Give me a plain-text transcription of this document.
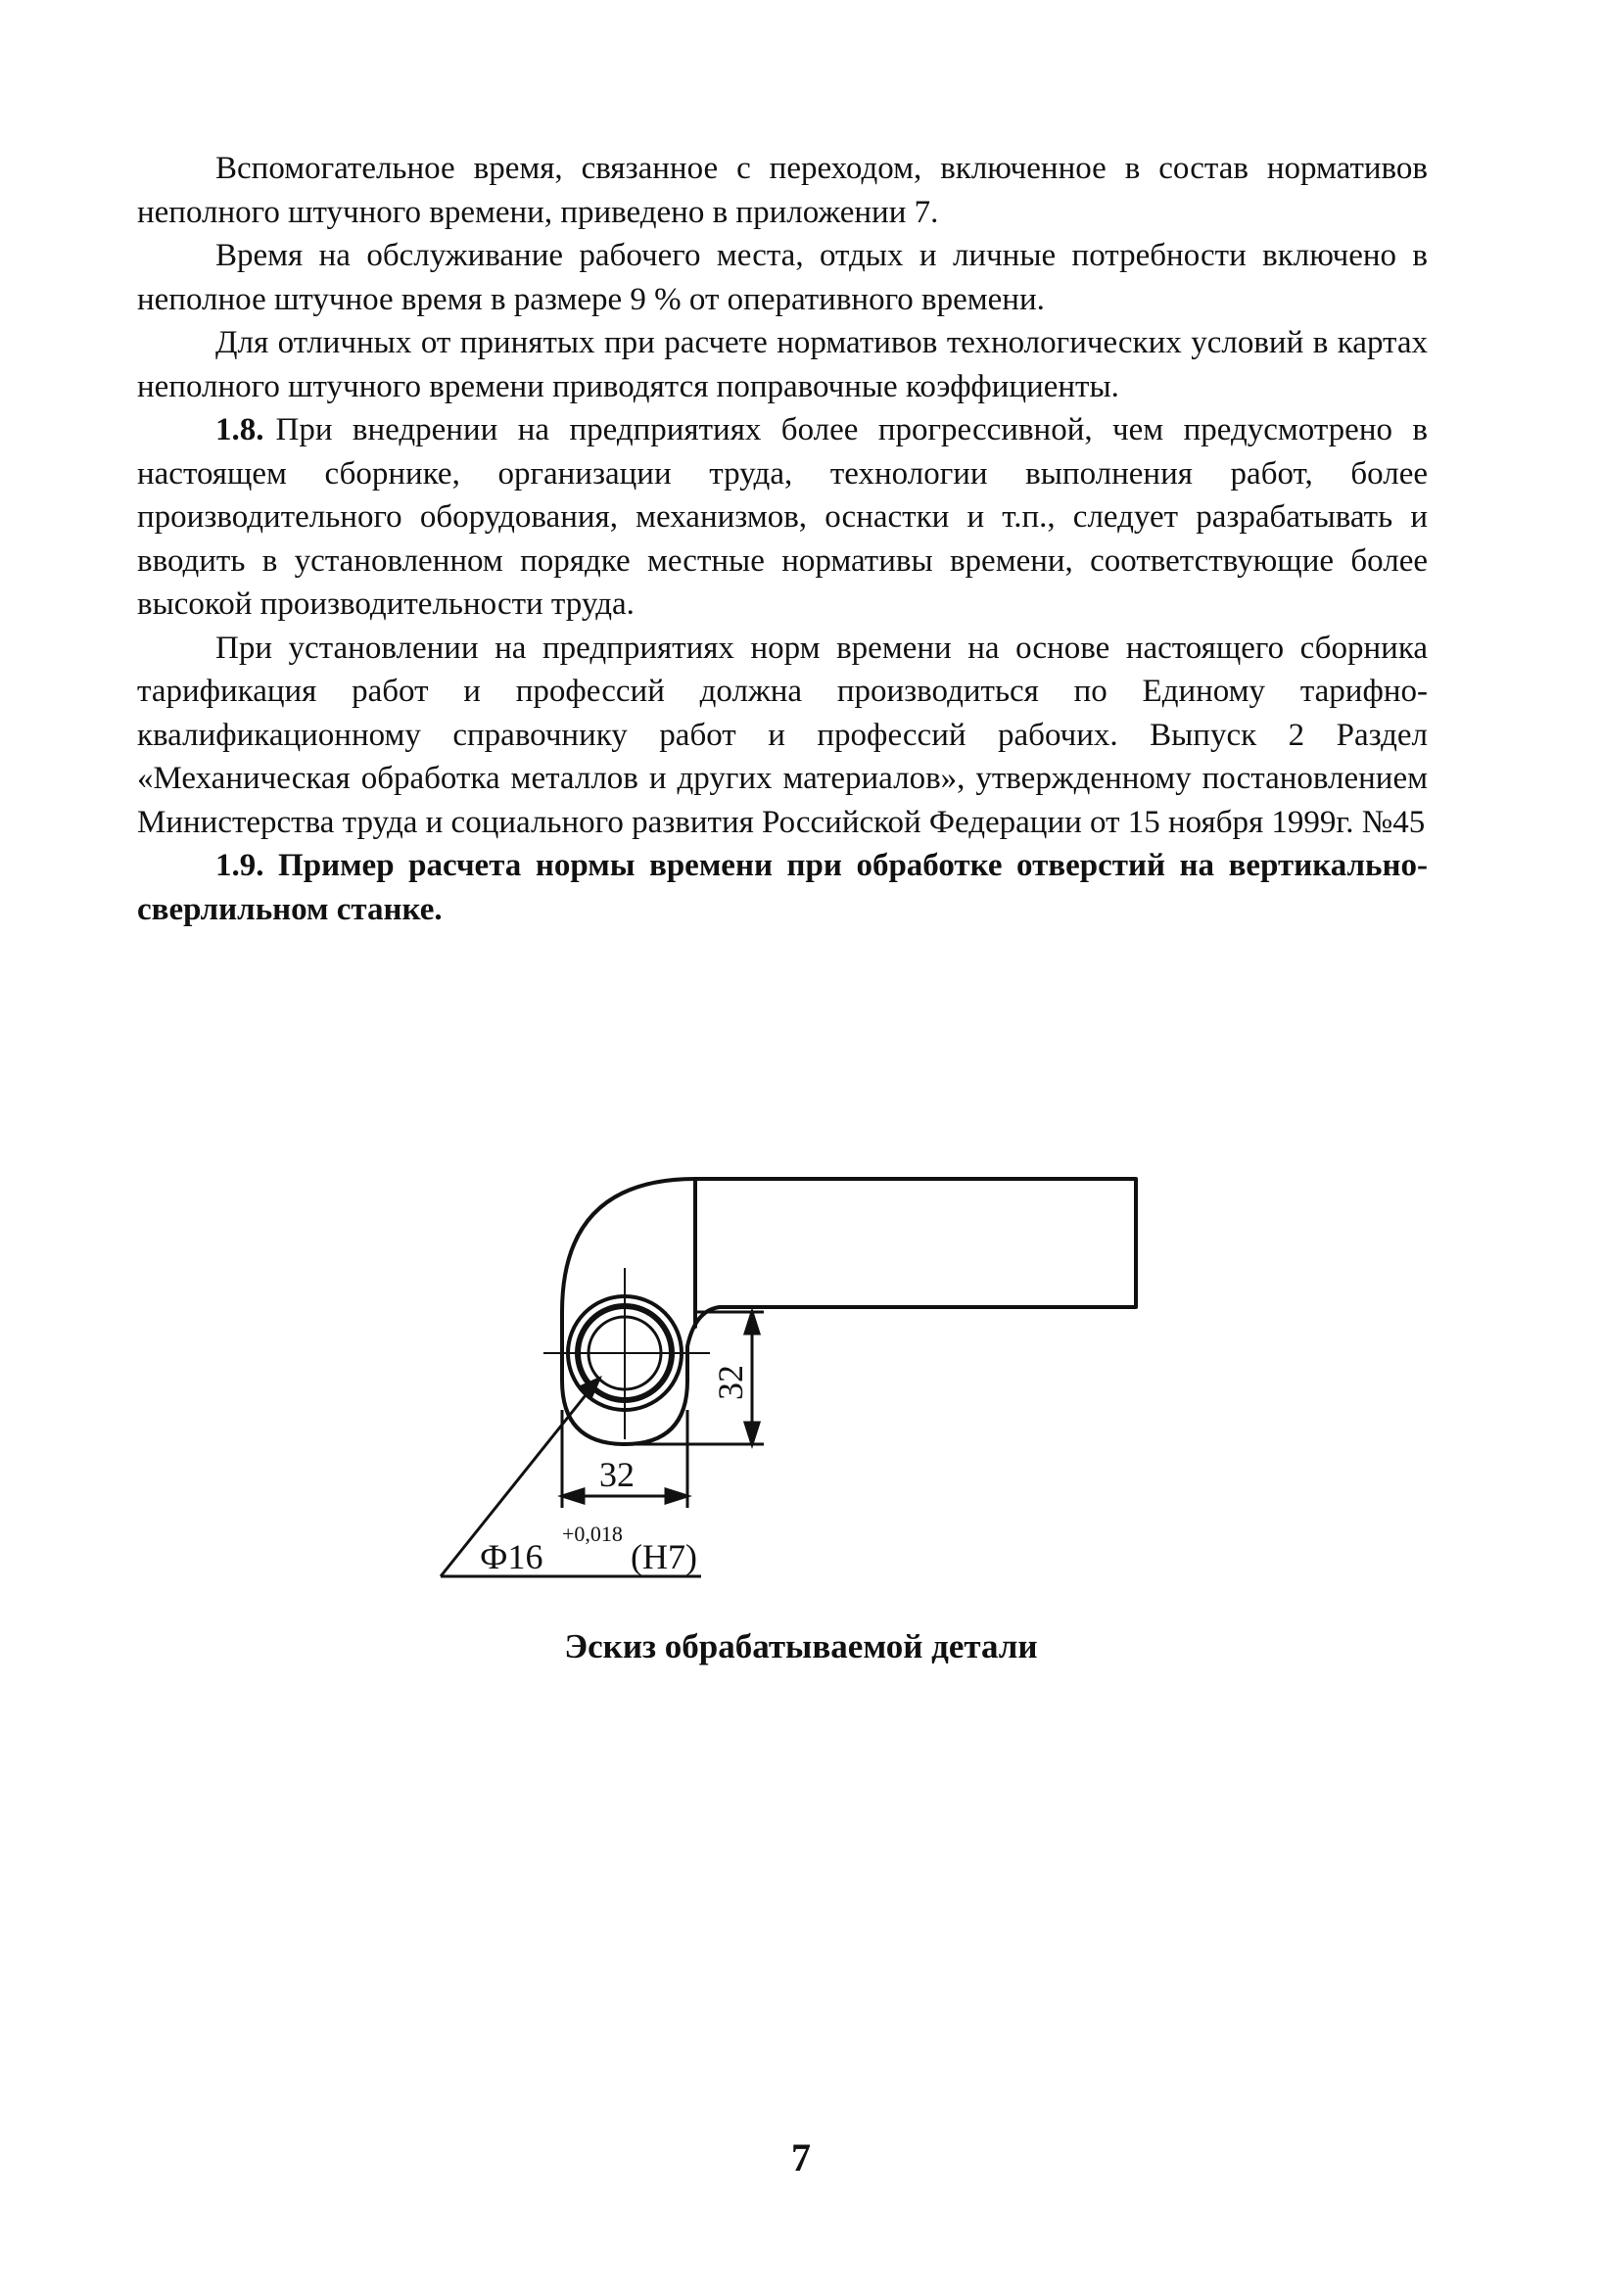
Вспомогательное время, связанное с переходом, включенное в состав нормативов неполного штучного времени, приведено в приложении 7.

Время на обслуживание рабочего места, отдых и личные потребности включено в неполное штучное время в размере 9 % от оперативного времени.

Для отличных от принятых при расчете нормативов технологических условий в картах неполного штучного времени приводятся поправочные коэффициенты.

1.8. При внедрении на предприятиях более прогрессивной, чем предусмотрено в настоящем сборнике, организации труда, технологии выполнения работ, более производительного оборудования, механизмов, оснастки и т.п., следует разрабатывать и вводить в установленном порядке местные нормативы времени, соответствующие более высокой производительности труда.

При установлении на предприятиях норм времени на основе настоящего сборника тарификация работ и профессий должна производиться по Единому тарифно-квалификационному справочнику работ и профессий рабочих. Выпуск 2 Раздел «Механическая обработка металлов и других материалов», утвержденному постановлением Министерства труда и социального развития Российской Федерации от 15 ноября 1999г. №45

1.9. Пример расчета нормы времени при обработке отверстий на вертикально-сверлильном станке.

32
32
Ф16
+0,018
(H7)
Эскиз обрабатываемой детали
7
